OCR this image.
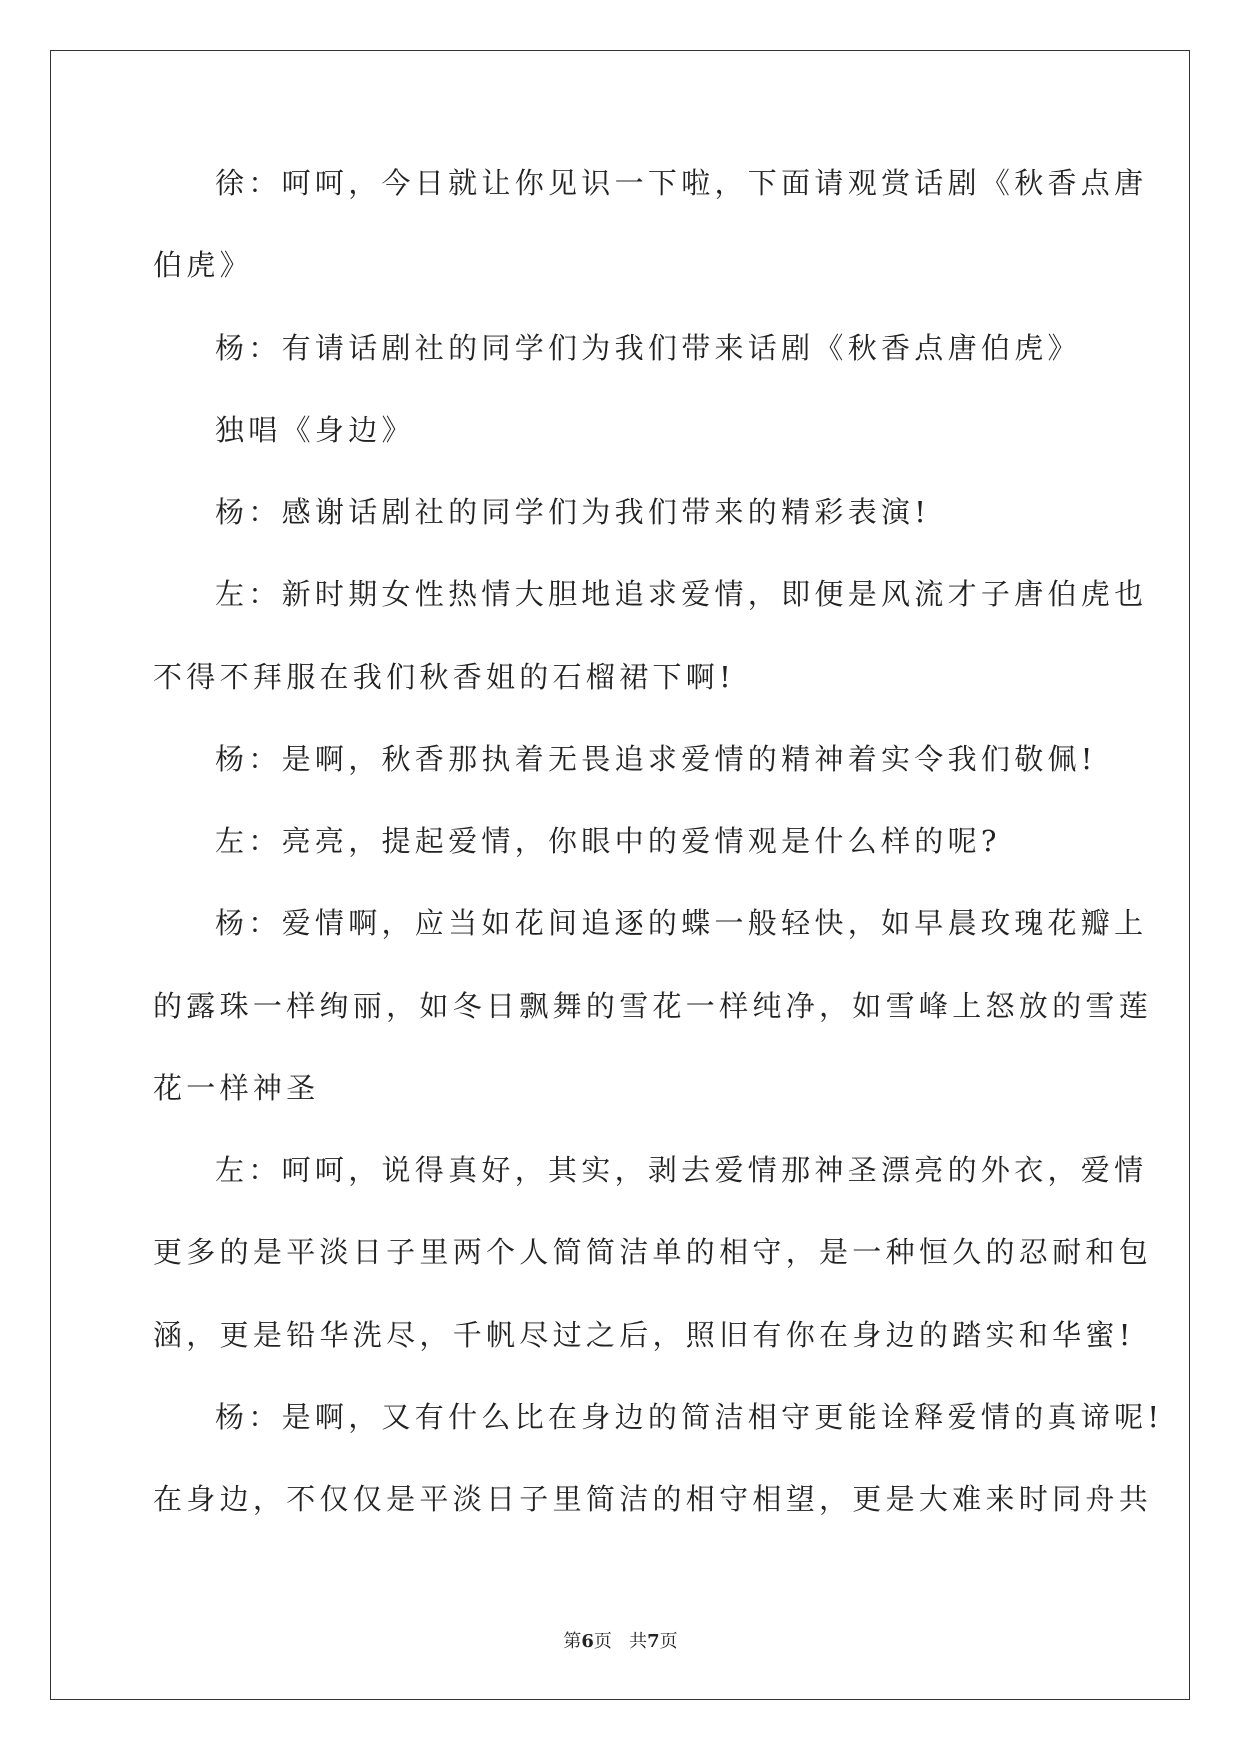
徐：呵呵，今日就让你见识一下啦，下面请观赏话剧《秋香点唐
伯虎》
杨：有请话剧社的同学们为我们带来话剧《秋香点唐伯虎》
独唱《身边》
杨：感谢话剧社的同学们为我们带来的精彩表演!
左：新时期女性热情大胆地追求爱情，即便是风流才子唐伯虎也
不得不拜服在我们秋香姐的石榴裙下啊!
杨：是啊，秋香那执着无畏追求爱情的精神着实令我们敬佩!
左：亮亮，提起爱情，你眼中的爱情观是什么样的呢?
杨：爱情啊，应当如花间追逐的蝶一般轻快，如早晨玫瑰花瓣上
的露珠一样绚丽，如冬日飘舞的雪花一样纯净，如雪峰上怒放的雪莲
花一样神圣
左：呵呵，说得真好，其实，剥去爱情那神圣漂亮的外衣，爱情
更多的是平淡日子里两个人简简洁单的相守，是一种恒久的忍耐和包
涵，更是铅华洗尽，千帆尽过之后，照旧有你在身边的踏实和华蜜!
杨：是啊，又有什么比在身边的简洁相守更能诠释爱情的真谛呢!
在身边，不仅仅是平淡日子里简洁的相守相望，更是大难来时同舟共
第6页 共7页
